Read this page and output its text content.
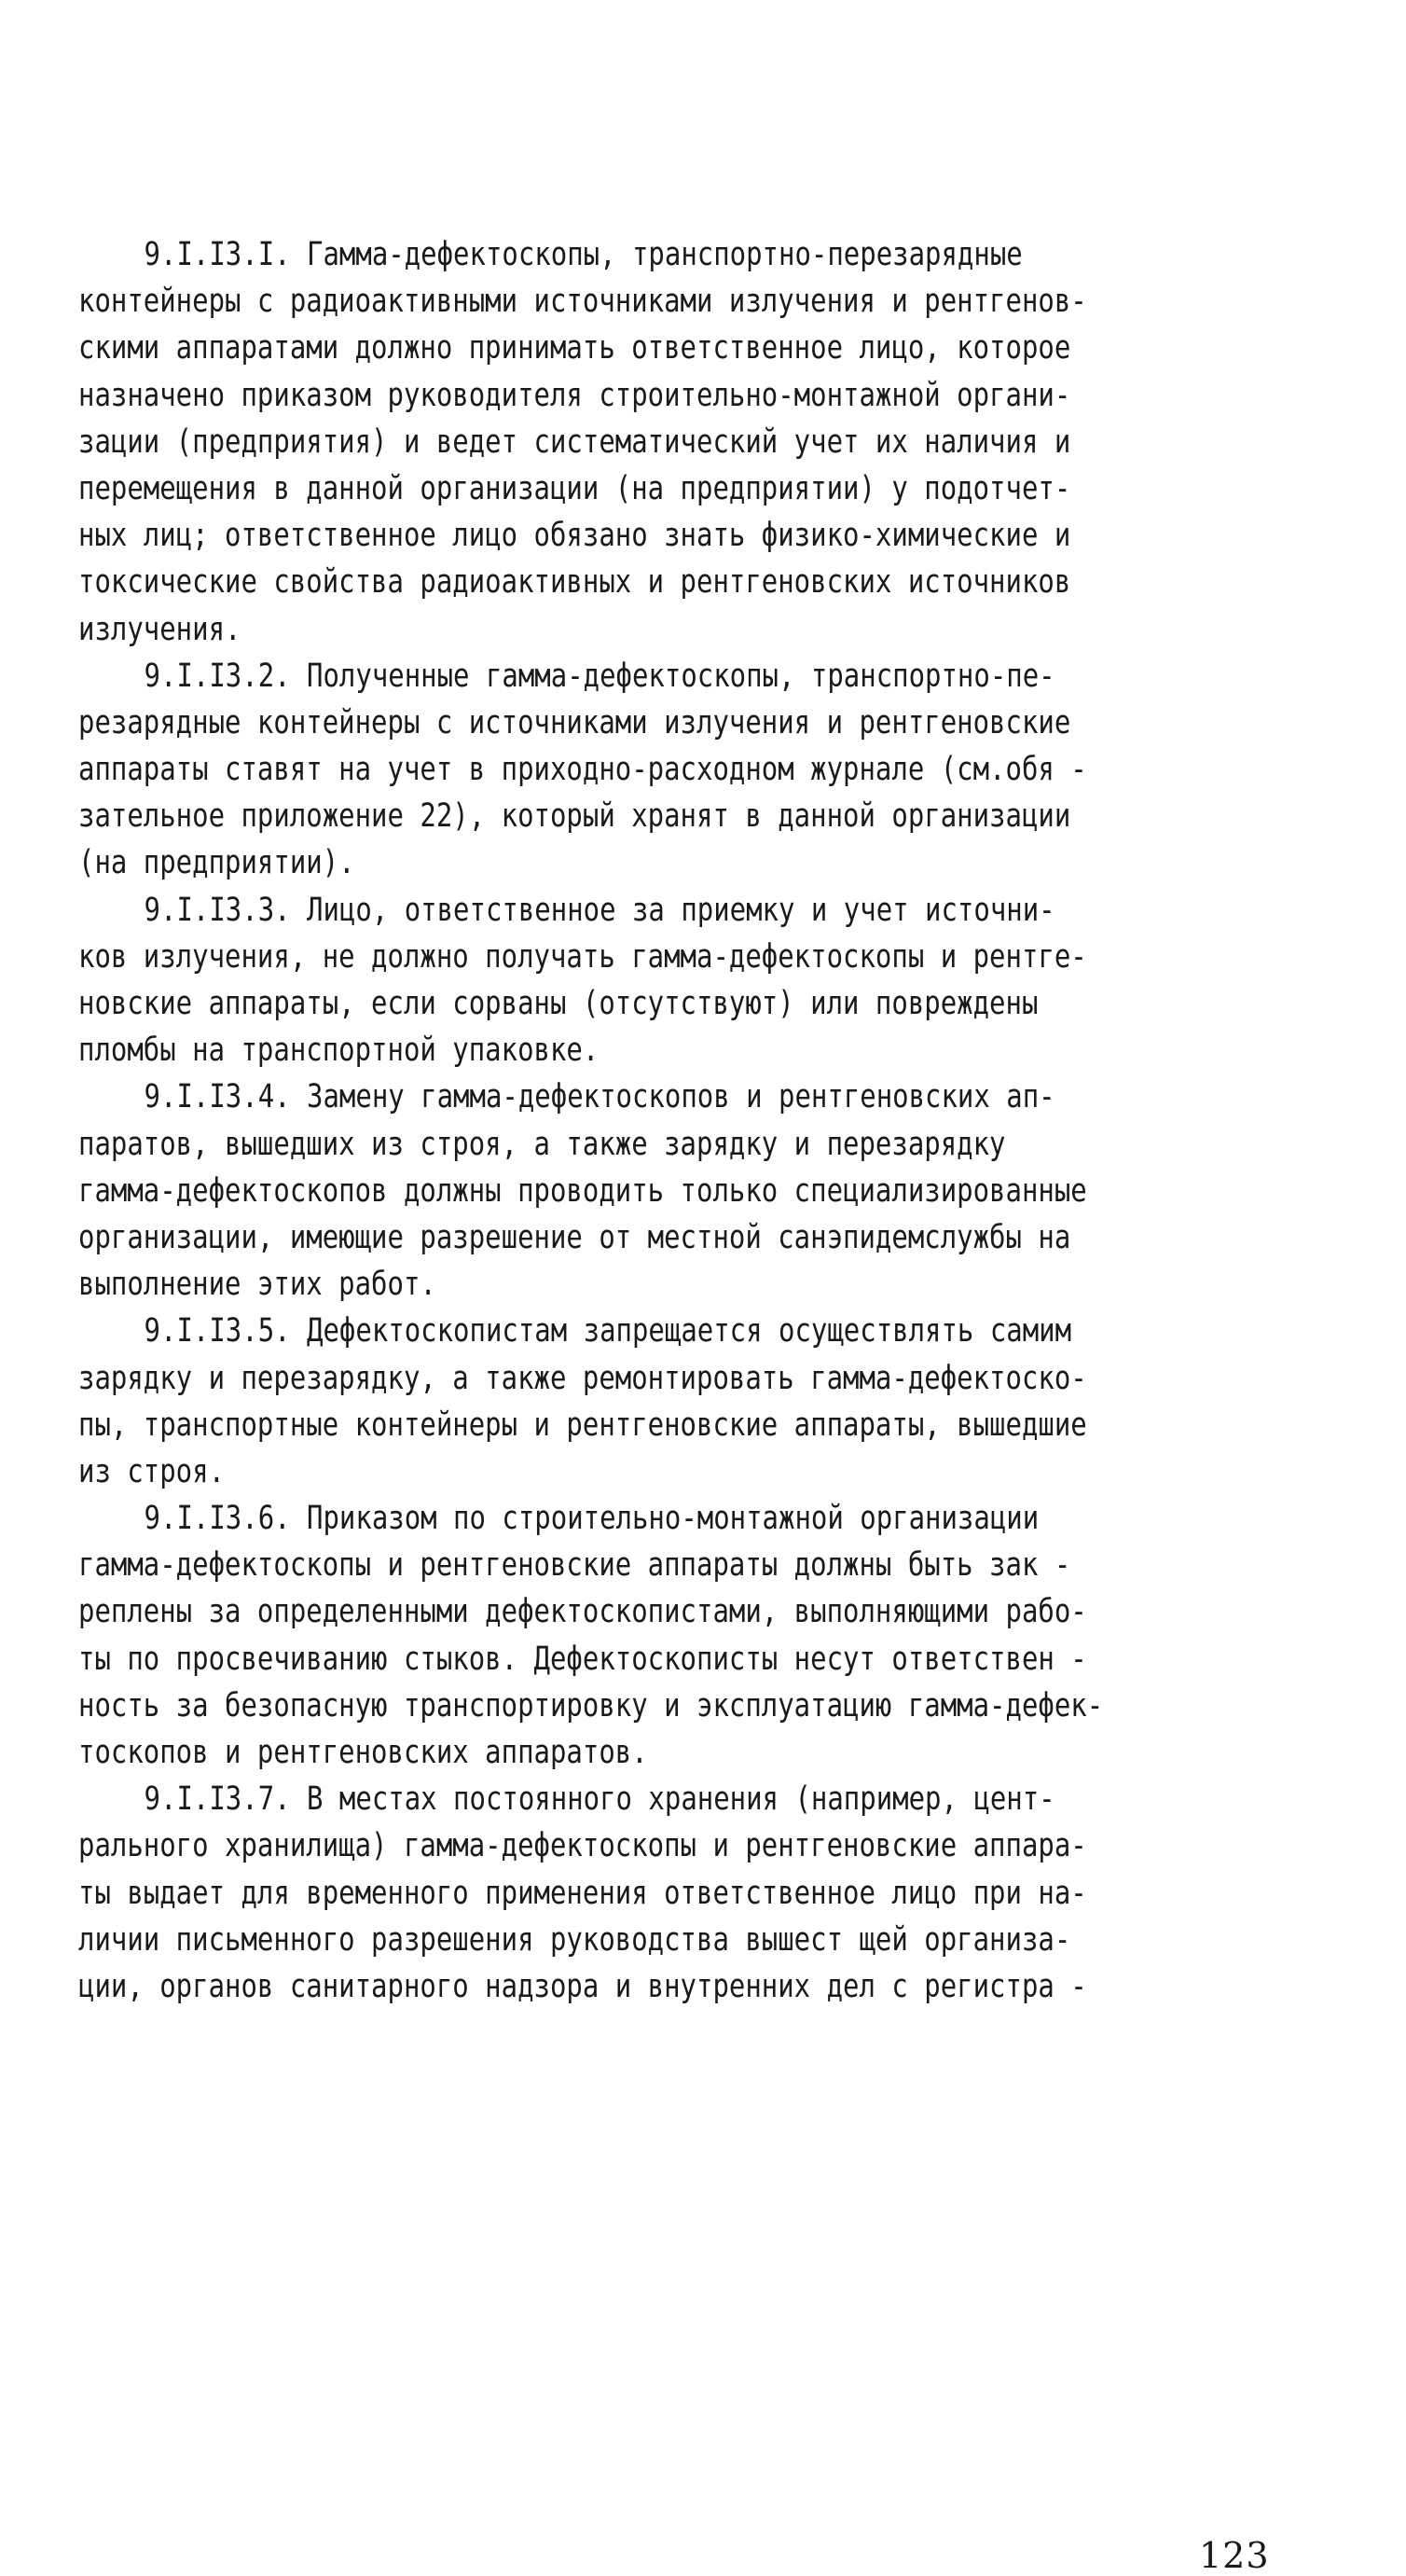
9.I.I3.I. Гамма-дефектоскопы, транспортно-перезарядные
контейнеры с радиоактивными источниками излучения и рентгенов-
скими аппаратами должно принимать ответственное лицо, которое
назначено приказом руководителя строительно-монтажной органи-
зации (предприятия) и ведет систематический учет их наличия и
перемещения в данной организации (на предприятии) у подотчет-
ных лиц; ответственное лицо обязано знать физико-химические и
токсические свойства радиоактивных и рентгеновских источников
излучения.
9.I.I3.2. Полученные гамма-дефектоскопы, транспортно-пе-
резарядные контейнеры с источниками излучения и рентгеновские
аппараты ставят на учет в приходно-расходном журнале (см.обя -
зательное приложение 22), который хранят в данной организации
(на предприятии).
9.I.I3.3. Лицо, ответственное за приемку и учет источни-
ков излучения, не должно получать гамма-дефектоскопы и рентге-
новские аппараты, если сорваны (отсутствуют) или повреждены
пломбы на транспортной упаковке.
9.I.I3.4. Замену гамма-дефектоскопов и рентгеновских ап-
паратов, вышедших из строя, а также зарядку и перезарядку
гамма-дефектоскопов должны проводить только специализированные
организации, имеющие разрешение от местной санэпидемслужбы на
выполнение этих работ.
9.I.I3.5. Дефектоскопистам запрещается осуществлять самим
зарядку и перезарядку, а также ремонтировать гамма-дефектоско-
пы, транспортные контейнеры и рентгеновские аппараты, вышедшие
из строя.
9.I.I3.6. Приказом по строительно-монтажной организации
гамма-дефектоскопы и рентгеновские аппараты должны быть зак -
реплены за определенными дефектоскопистами, выполняющими рабо-
ты по просвечиванию стыков. Дефектоскописты несут ответствен -
ность за безопасную транспортировку и эксплуатацию гамма-дефек-
тоскопов и рентгеновских аппаратов.
9.I.I3.7. В местах постоянного хранения (например, цент-
рального хранилища) гамма-дефектоскопы и рентгеновские аппара-
ты выдает для временного применения ответственное лицо при на-
личии письменного разрешения руководства вышест щей организа-
ции, органов санитарного надзора и внутренних дел с регистра -
123
